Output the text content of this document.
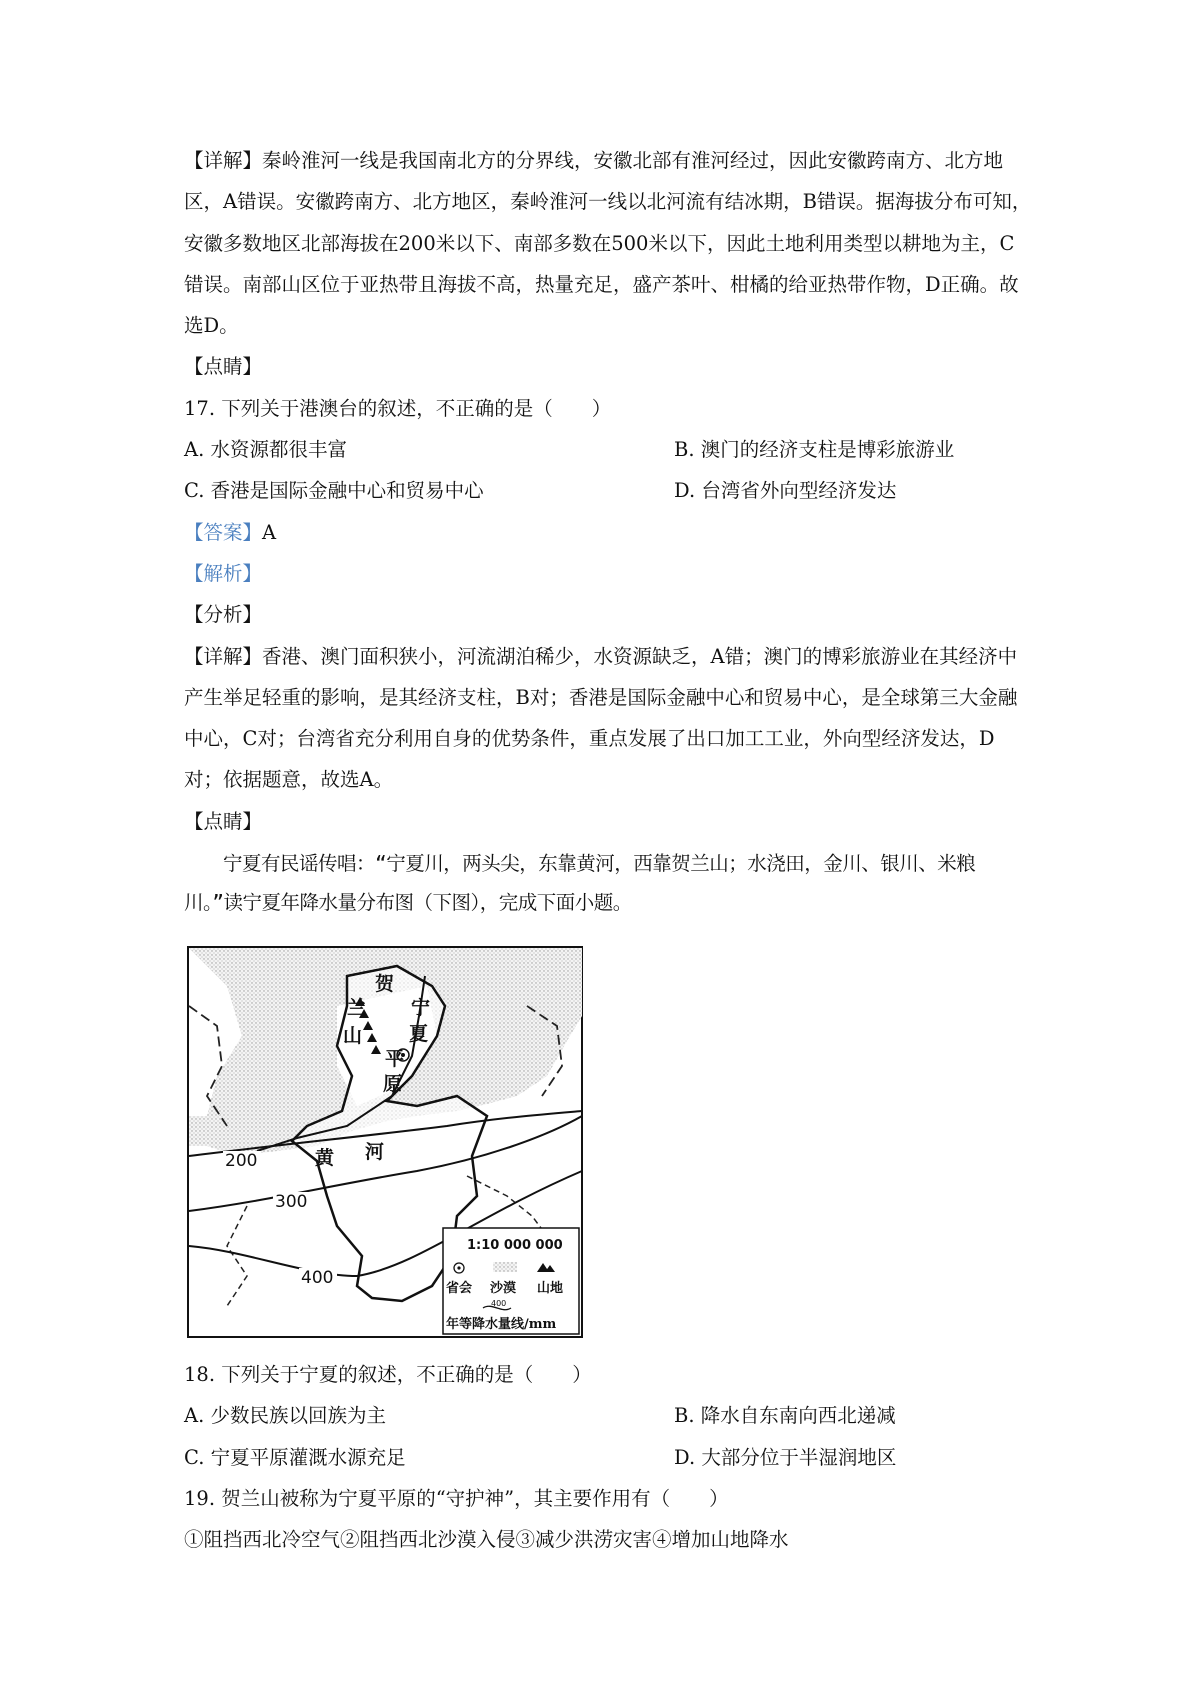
【详解】秦岭淮河一线是我国南北方的分界线，安徽北部有淮河经过，因此安徽跨南方、北方地区，A错误。安徽跨南方、北方地区，秦岭淮河一线以北河流有结冰期，B错误。据海拔分布可知，安徽多数地区北部海拔在200米以下、南部多数在500米以下，因此土地利用类型以耕地为主，C错误。南部山区位于亚热带且海拔不高，热量充足，盛产茶叶、柑橘的给亚热带作物，D正确。故选D。

【点睛】

17. 下列关于港澳台的叙述，不正确的是（　　）

A. 水资源都很丰富	B. 澳门的经济支柱是博彩旅游业
C. 香港是国际金融中心和贸易中心	D. 台湾省外向型经济发达

【答案】A

【解析】

【分析】

【详解】香港、澳门面积狭小，河流湖泊稀少，水资源缺乏，A错；澳门的博彩旅游业在其经济中产生举足轻重的影响，是其经济支柱，B对；香港是国际金融中心和贸易中心，是全球第三大金融中心，C对；台湾省充分利用自身的优势条件，重点发展了出口加工工业，外向型经济发达，D对；依据题意，故选A。

【点睛】

宁夏有民谣传唱：“宁夏川，两头尖，东靠黄河，西靠贺兰山；水浇田，金川、银川、米粮川。”读宁夏年降水量分布图（下图），完成下面小题。

贺
兰
山
宁
夏
平
原
黄 河
200
300
400
1:10 000 000
省会 沙漠 山地
年等降水量线/mm
400

18. 下列关于宁夏的叙述，不正确的是（　　）

A. 少数民族以回族为主	B. 降水自东南向西北递减
C. 宁夏平原灌溉水源充足	D. 大部分位于半湿润地区

19. 贺兰山被称为宁夏平原的“守护神”，其主要作用有（　　）

①阻挡西北冷空气②阻挡西北沙漠入侵③减少洪涝灾害④增加山地降水
